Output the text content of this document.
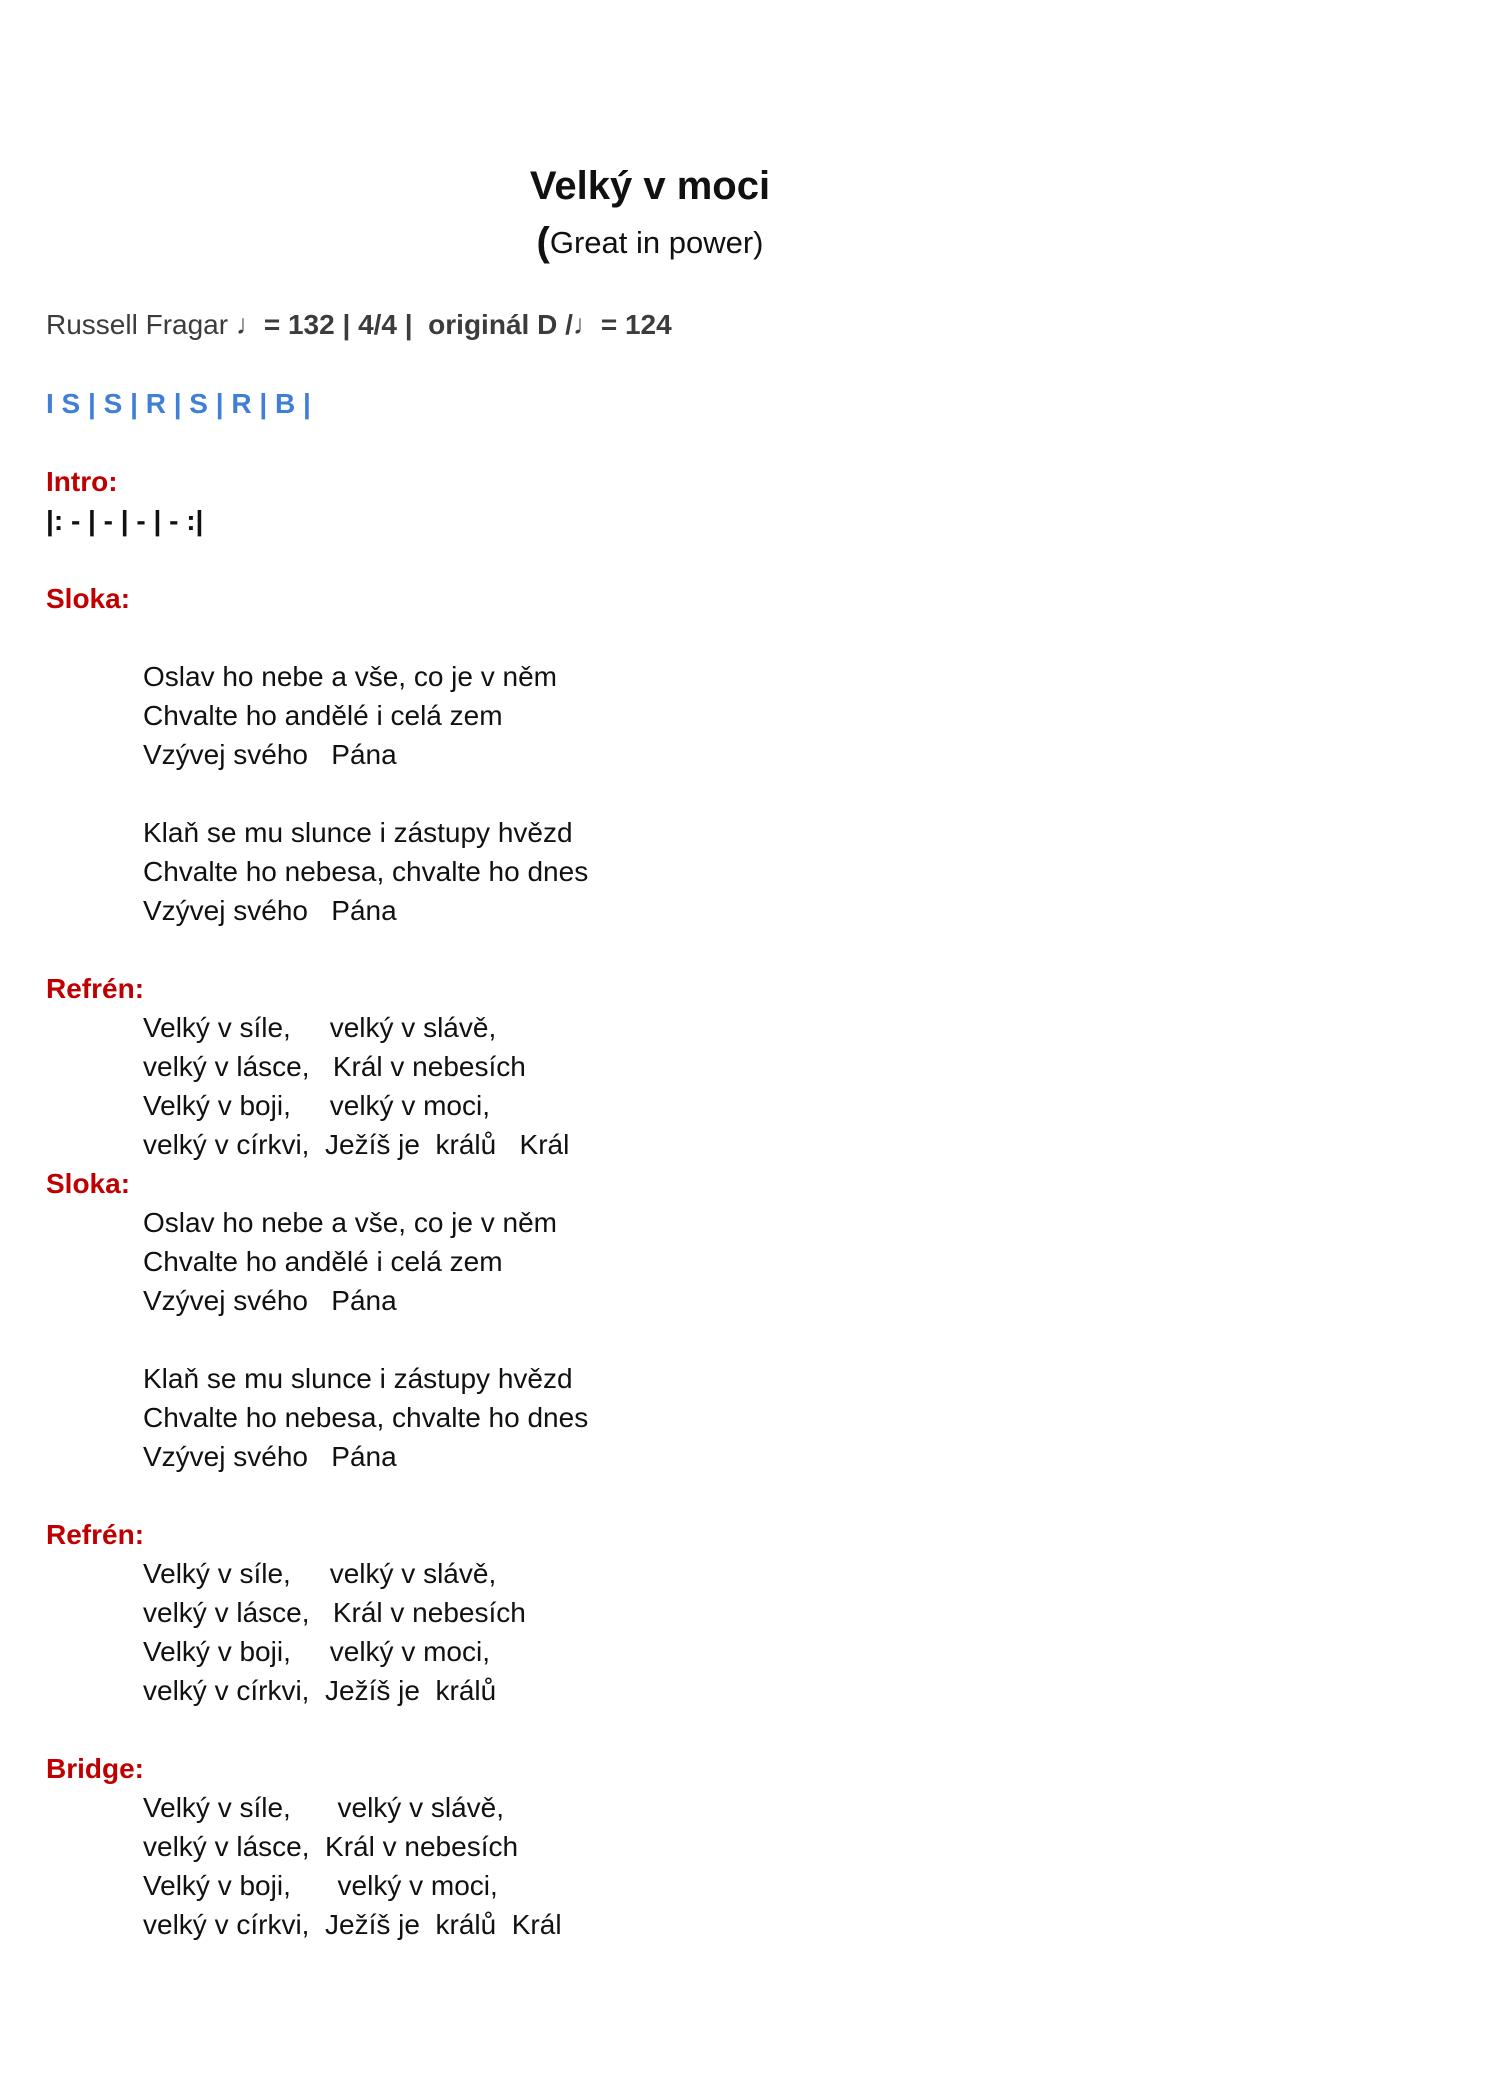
Velký v moci
(Great in power)
Russell Fragar ♩= 132 | 4/4 |  originál D /♩= 124
I S | S | R | S | R | B |
Intro:
|: - | - | - | - :|
Sloka:
Oslav ho nebe a vše, co je v něm
Chvalte ho andělé i celá zem
Vzývej svého   Pána
Klaň se mu slunce i zástupy hvězd
Chvalte ho nebesa, chvalte ho dnes
Vzývej svého   Pána
Refrén:
Velký v síle,     velký v slávě,
velký v lásce,   Král v nebesích
Velký v boji,     velký v moci,
velký v církvi,  Ježíš je  králů   Král
Sloka:
Oslav ho nebe a vše, co je v něm
Chvalte ho andělé i celá zem
Vzývej svého   Pána
Klaň se mu slunce i zástupy hvězd
Chvalte ho nebesa, chvalte ho dnes
Vzývej svého   Pána
Refrén:
Velký v síle,     velký v slávě,
velký v lásce,   Král v nebesích
Velký v boji,     velký v moci,
velký v církvi,  Ježíš je  králů
Bridge:
Velký v síle,      velký v slávě,
velký v lásce,  Král v nebesích
Velký v boji,      velký v moci,
velký v církvi,  Ježíš je  králů  Král
